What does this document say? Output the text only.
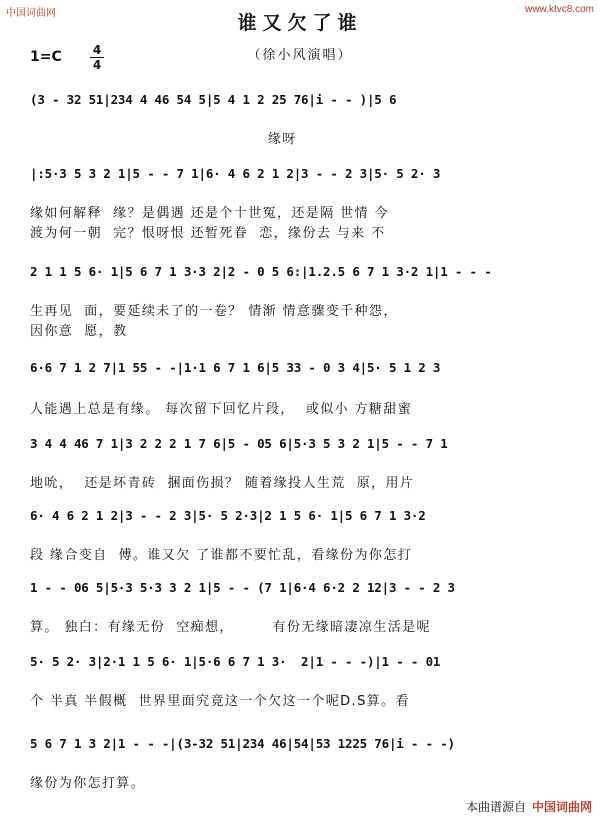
中国词曲网	www.ktvc8.com
谁又欠了谁
1=C	4
4
（徐小风演唱）
(3 - 32 51|234 4 46 54 5|5 4 1 2 25 76|i - - )|5 6
缘呀
|:5·3 5 3 2 1|5 - - 7 1|6· 4 6 2 1 2|3 - - 2 3|5· 5 2· 3
缘如何解释  缘？是偶遇 还是个十世冤，还是隔 世情 今
渡为何一朝  完？恨呀恨 还暂死眷  恋，缘份去 与来 不
2 1 1 5 6· 1|5 6 7 1 3·3 2|2 - 0 5 6:|1.2.5 6 7 1 3·2 1|1 - - -
生再见  面，要延续未了的一卷？ 情渐 情意骤变千种怨，
因你意  愿，教
6·6 7 1 2 7|1 55 - -|1·1 6 7 1 6|5 33 - 0 3 4|5· 5 1 2 3
人能遇上总是有缘。 每次留下回忆片段，  或似小 方糖甜蜜
3 4 4 46 7 1|3 2 2 2 1 7 6|5 - 05 6|5·3 5 3 2 1|5 - - 7 1
地吮，  还是坏青砖  捆面伤损？ 随着缘投人生荒  原，用片
6· 4 6 2 1 2|3 - - 2 3|5· 5 2·3|2 1 5 6· 1|5 6 7 1 3·2
段 缘合变自  傅。谁又欠 了谁都不要忙乱，看缘份为你怎打
1 - - 06 5|5·3 5·3 3 2 1|5 - - (7 1|6·4 6·2 2 12|3 - - 2 3
算。 独白：有缘无份  空痴想，       有份无缘暗凄凉生活是呢
5· 5 2· 3|2·1 1 5 6· 1|5·6 6 7 1 3·  2|1 - - -)|1 - - 01
个 半真 半假概  世界里面究竟这一个欠这一个呢D.S算。看
5 6 7 1 3 2|1 - - -|(3-32 51|234 46|54|53 1225 76|i - - -)
缘份为你怎打算。
本曲谱源自 中国词曲网
